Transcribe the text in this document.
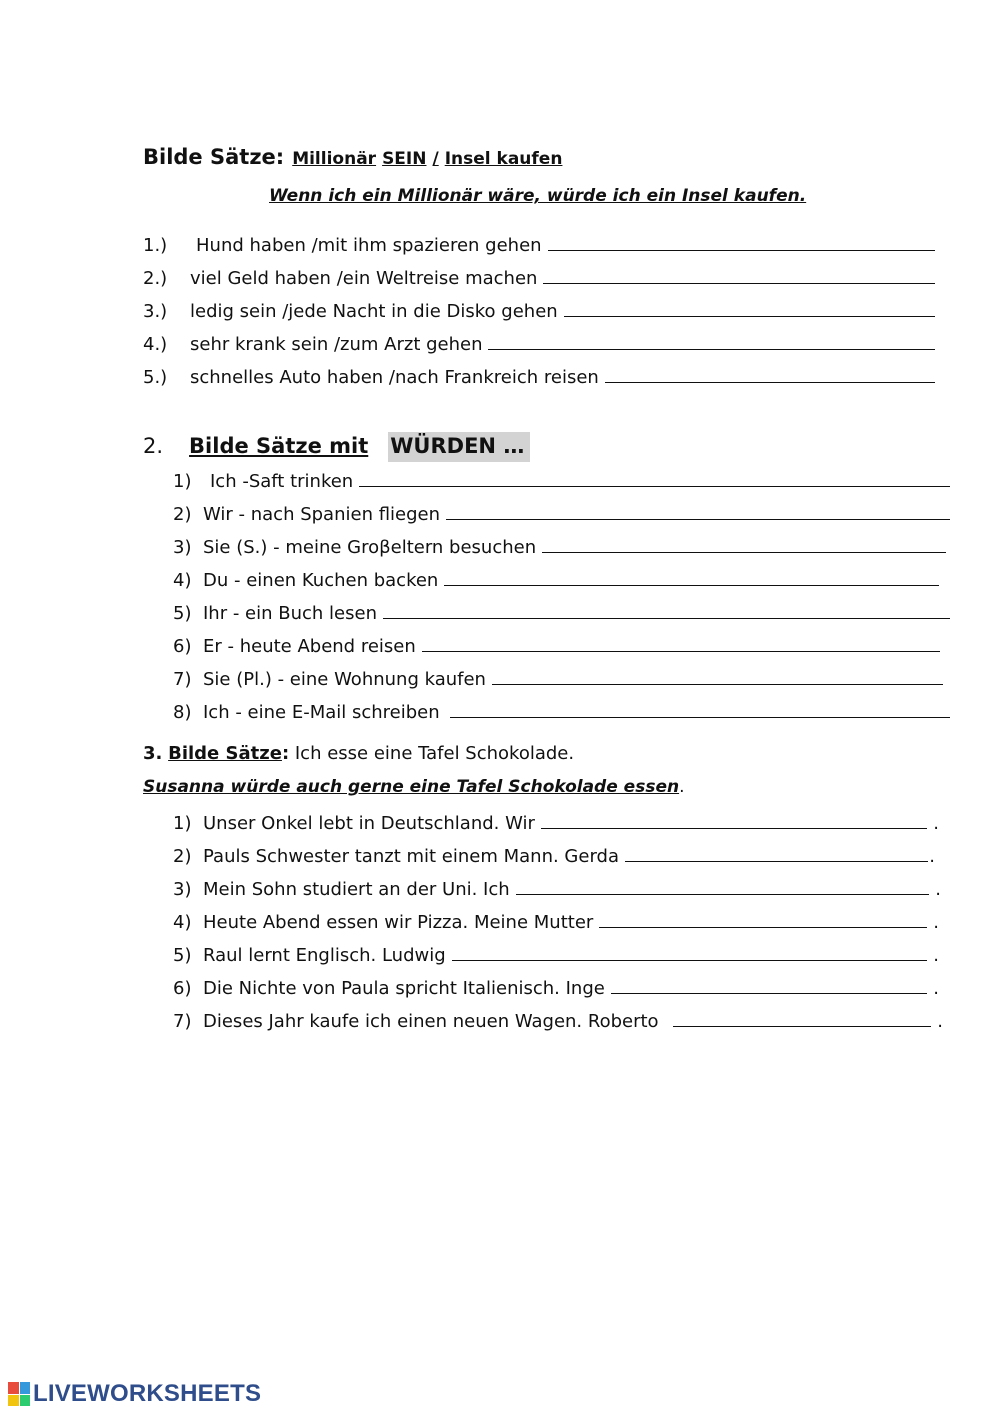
Bilde Sätze: Millionär SEIN / Insel kaufen
Wenn ich ein Millionär wäre, würde ich ein Insel kaufen.
1.)	Hund haben /mit ihm spazieren gehen
2.)	viel Geld haben /ein Weltreise machen
3.)	ledig sein /jede Nacht in die Disko gehen
4.)	sehr krank sein /zum Arzt gehen
5.)	schnelles Auto haben /nach Frankreich reisen
2. Bilde Sätze mit WÜRDEN …
1)	Ich -Saft trinken
2) Wir - nach Spanien fliegen
3) Sie (S.) - meine Groβeltern besuchen
4) Du - einen Kuchen backen
5) Ihr - ein Buch lesen
6) Er - heute Abend reisen
7) Sie (Pl.) - eine Wohnung kaufen
8) Ich - eine E-Mail schreiben
3. Bilde Sätze: Ich esse eine Tafel Schokolade.
Susanna würde auch gerne eine Tafel Schokolade essen.
1) Unser Onkel lebt in Deutschland. Wir	.
2) Pauls Schwester tanzt mit einem Mann. Gerda	.
3) Mein Sohn studiert an der Uni. Ich	.
4) Heute Abend essen wir Pizza. Meine Mutter	.
5) Raul lernt Englisch. Ludwig	.
6) Die Nichte von Paula spricht Italienisch. Inge	.
7) Dieses Jahr kaufe ich einen neuen Wagen. Roberto	.
LIVEWORKSHEETS
